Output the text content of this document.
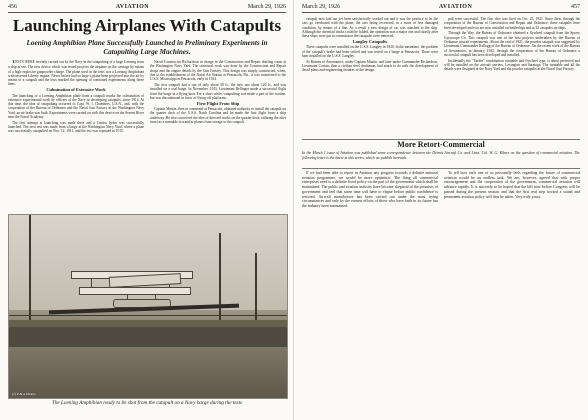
456	AVIATION	March 29, 1926	March 29, 1926	AVIATION	457
Launching Airplanes With Catapults
Loening Amphibian Plane Successfully Launched in Preliminary Experiments in Catapulting Large Machines.

TESTS WERE recently carried out by the Navy in the catapulting of a large Loening from a ship at sea. The new device which was tested projects the airplane on the carriage by means of a high explosive gunpowder charge. The plane used in the tests was a Loening Amphibian with inverted Liberty engine. Never before had so large a plane been projected into the air by means of a catapult and the tests marked the opening of continued experiments along these lines.

Culmination of Extensive Work

The launching of a Loening Amphibian plane from a catapult marks the culmination of extensive experimental work by officers of the Navy in developing catapults, since 1912. At this time, the idea of catapulting occurred to Capt. W. I. Chambers, U.S.N., and, with the cooperation of the Bureau of Ordnance and the Naval Gun Factory at the Washington Navy Yard, an air brake was built. Experiments were carried on with this device on the Severn River near the Naval Academy.

The first attempt at launching was made there and a Curtiss hydro was successfully launched. The next test was made from a barge at the Washington Navy Yard, where a plane was successfully catapulted on Nov. 12, 1912, and the test was repeated in 1915.

Naval Constructor Richardson in charge in the Construction and Repair drafting room at the Washington Navy Yard. The structural work was done by the Construction and Repair shops and the engine details by the Gun Factory. This design was simply constructed, when, due to the establishment of the Naval Air Station at Pensacola, Fla., it was transferred to the U.S.S. Mississippi at Pensacola, early in 1914.

The first catapult had a run of only about 30 ft., the new one about 120 ft., and was installed on a coal barge. In November, 1915, Lieutenant Bellinger made a successful flight from the barge in a flying boat. For a short while, catapulting was made a part of the routine, but was discontinued in favor of flying-off platforms.

First Flight From Ship

Captain Mustin, then in command at Pensacola, obtained authority to install the catapult on the quarter deck of the U.S.S. North Carolina and he made the first flight from a ship underway. He also conceived the idea of directed tracks on the quarter deck, utilizing the after turret as a turntable to transfer planes from storage to the catapult.

(c) P & A Photos
The Loening Amphibian ready to be shot from the catapult on a Navy barge during the tests

catapult now laid out yet been satisfactorily worked out and it was the practice to let the cars go overboard with the plane, the cars being recovered, in a more or less damaged condition, by means of a line. As a result a new design of car was attached to the ship. Although the chemical tracks could be folded, the operation was a major one and shortly after these ships were put in commission the catapults were removed.

Langley Catapults

These catapults were installed on the U.S.S. Langley in 1920. In the meantime, the problem of the catapult's brake had been solved and was tested on a barge at Pensacola. These were later installed on the U.S.S. Langley.

At Bureau of Aeronautics, under Captain Mustin, and later under Commander Richardson, Lieutenant Cowan, then a civilian steel draftsman, had much to do with the development of detail plans and engineering features of the design.

pult were successful. The first shot was fired on Oct. 25, 1921. Since then, through the cooperation of the Bureau of Construction and Repair and Ordnance, these catapults have been developed and two are now installed on battleships and at 32 catapults on ships.

Through the Way, the Bureau of Ordnance obtained a flywheel catapult from the Sperry Gyroscope Co. This catapult was one of the first projects undertaken by the Bureau of Ordnance aircraft experiments. About the end of 1921, the powder catapult was suggested by Lieutenant Commander Kellogg of the Bureau of Ordnance. On the recent work of the Bureau of Aeronautics, in January, 1922, through the cooperation of the Bureau of Ordnance a successful catapult has been developed and installed.

Incidentally the "Varder" combination turntable and flywheel type, is about perfected and will be installed on the aircraft carriers, Lexington and Saratoga. The turntable and all the details were designed at the Navy Yard and the powder catapults at the Naval Gun Factory.

More Retort-Commercial
In the March 1 issue of Aviation was published some correspondence between the Detroit Aircraft Co. and Lieut. Col. W. G. Kilner on the question of commercial aviation. The following letter is the latest in this series, which we publish herewith.

If we had been able to report in Aviation any progress towards a definite national aviation programme, we would be more optimistic. The thing all commercial enterprises need is a definite fixed policy on the part of the government which shall be maintained. The public and aviation industry have become skeptical of the promises of government and feel that some time will have to elapse before public confidence is restored. Aircraft manufacture has been carried out under the most trying circumstances and only by the earnest efforts of those who have faith in its future has the industry been maintained.

To tell how each one of us personally feels regarding the future of commercial aviation would be an endless task. We are, however, agreed that with proper encouragement and the cooperation of the government, commercial aviation will advance rapidly. It is sincerely to be hoped that the bill now before Congress will be passed during the present session and that the first real step toward a sound and permanent aviation policy will thus be taken. Very truly yours.
